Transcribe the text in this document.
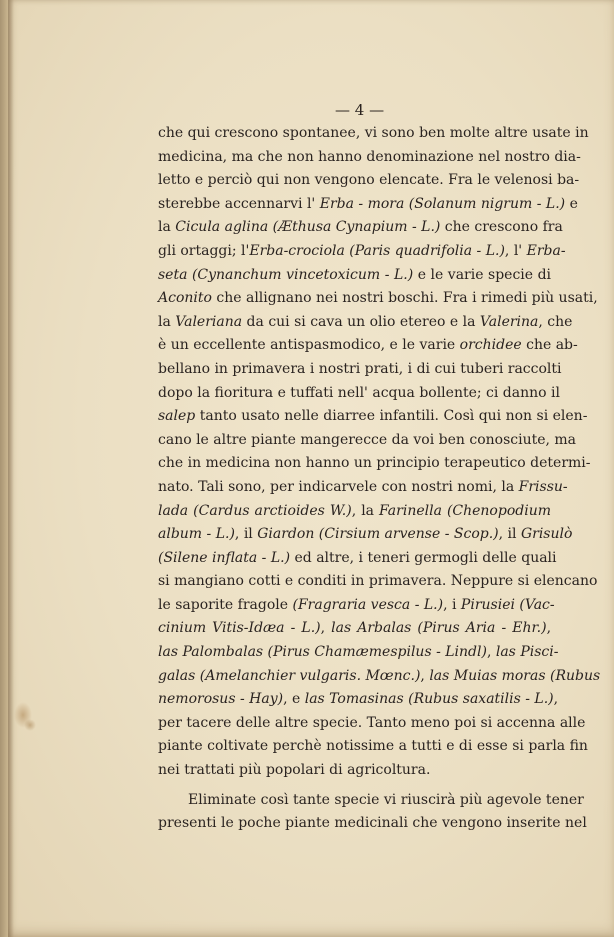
— 4 —
che qui crescono spontanee, vi sono ben molte altre usate in
medicina, ma che non hanno denominazione nel nostro dia-
letto e perciò qui non vengono elencate. Fra le velenosi ba-
sterebbe accennarvi l' Erba - mora (Solanum nigrum - L.) e
la Cicula aglina (Æthusa Cynapium - L.) che crescono fra
gli ortaggi; l'Erba-crociola (Paris quadrifolia - L.), l' Erba-
seta (Cynanchum vincetoxicum - L.) e le varie specie di
Aconito che allignano nei nostri boschi. Fra i rimedi più usati,
la Valeriana da cui si cava un olio etereo e la Valerina, che
è un eccellente antispasmodico, e le varie orchidee che ab-
bellano in primavera i nostri prati, i di cui tuberi raccolti
dopo la fioritura e tuffati nell' acqua bollente; ci danno il
salep tanto usato nelle diarree infantili. Così qui non si elen-
cano le altre piante mangerecce da voi ben conosciute, ma
che in medicina non hanno un principio terapeutico determi-
nato. Tali sono, per indicarvele con nostri nomi, la Frissu-
lada (Cardus arctioides W.), la Farinella (Chenopodium
album - L.), il Giardon (Cirsium arvense - Scop.), il Grisulò
(Silene inflata - L.) ed altre, i teneri germogli delle quali
si mangiano cotti e conditi in primavera. Neppure si elencano
le saporite fragole (Fragraria vesca - L.), i Pirusiei (Vac-
cinium Vitis-Idæa - L.), las Arbalas (Pirus Aria - Ehr.),
las Palombalas (Pirus Chamæmespilus - Lindl), las Pisci-
galas (Amelanchier vulgaris. Mœnc.), las Muias moras (Rubus
nemorosus - Hay), e las Tomasinas (Rubus saxatilis - L.),
per tacere delle altre specie. Tanto meno poi si accenna alle
piante coltivate perchè notissime a tutti e di esse si parla fin
nei trattati più popolari di agricoltura.
Eliminate così tante specie vi riuscirà più agevole tener
presenti le poche piante medicinali che vengono inserite nel
